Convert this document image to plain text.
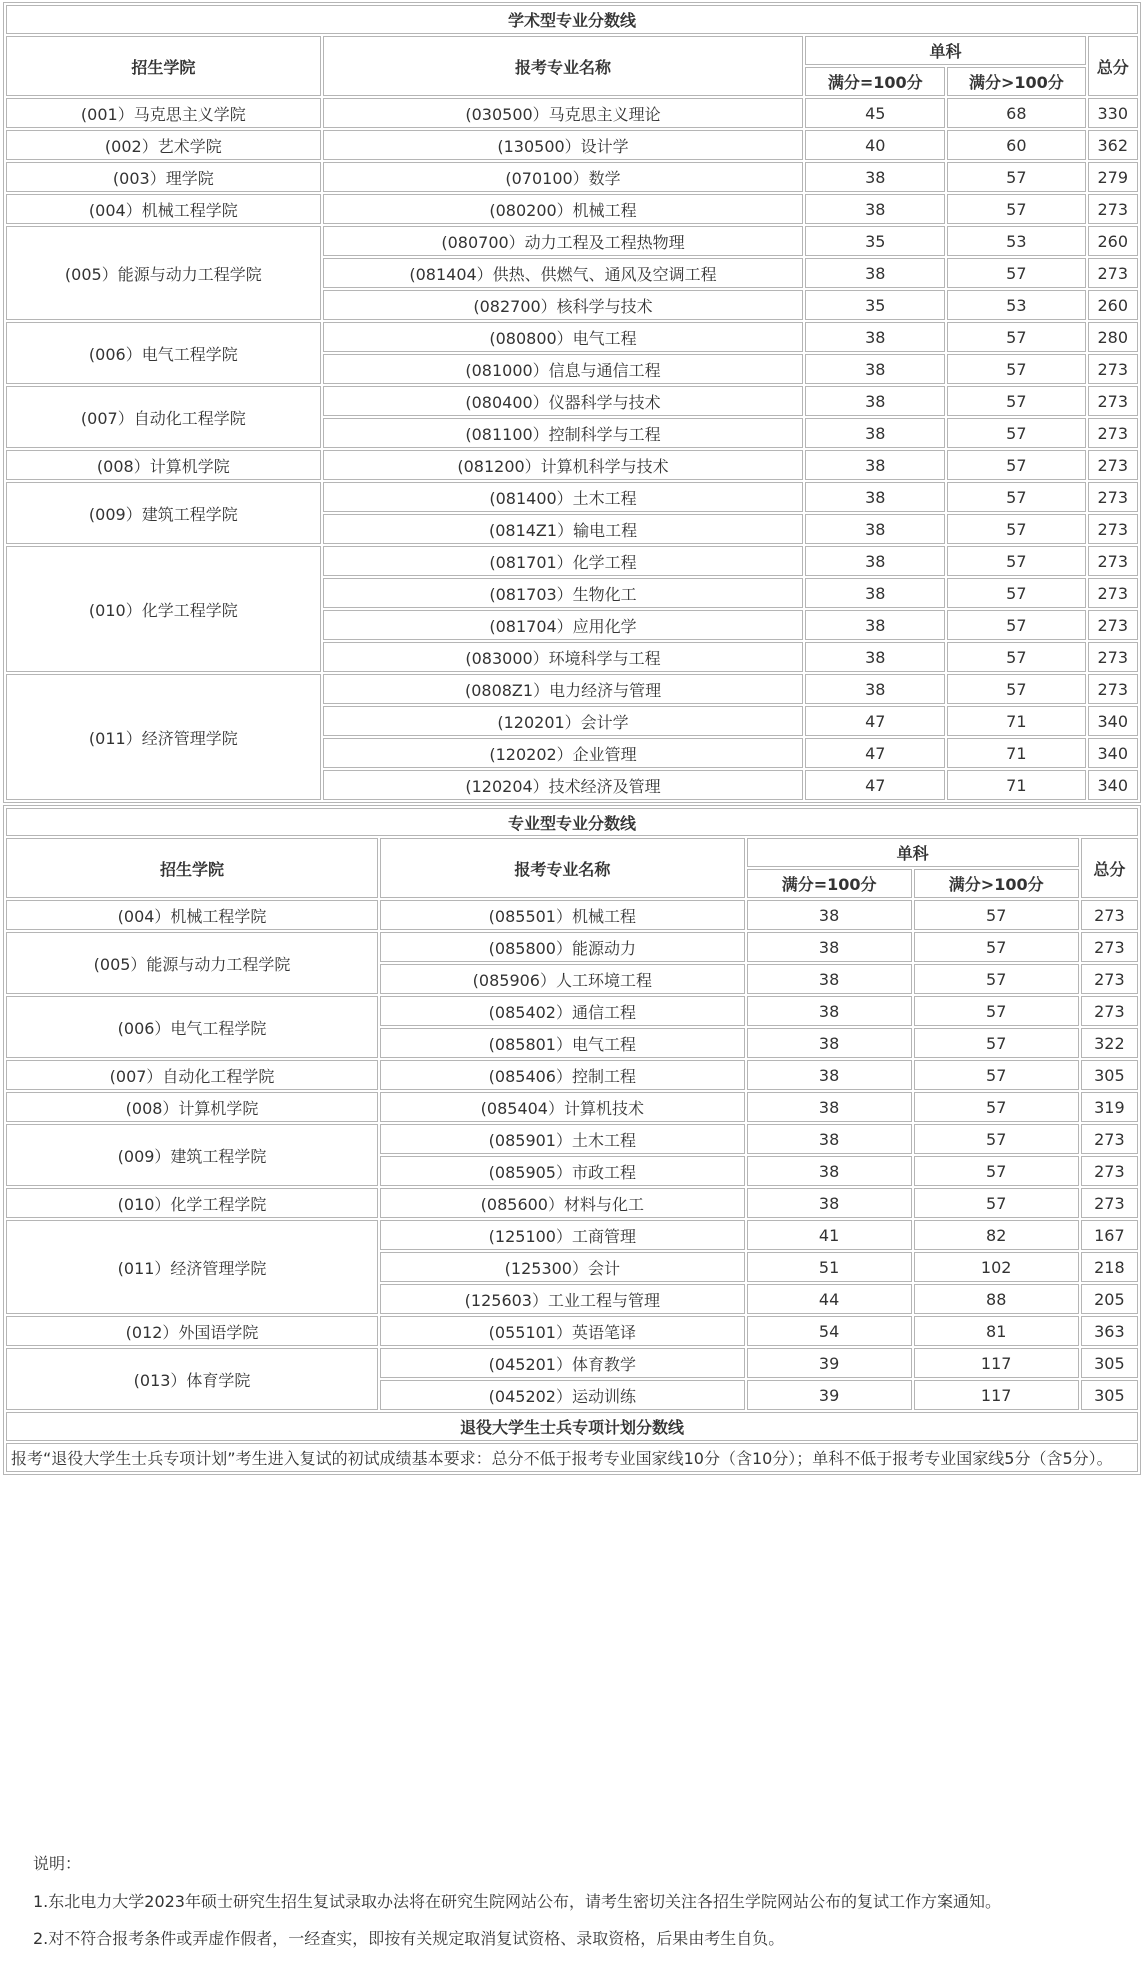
学术型专业分数线				
招生学院	报考专业名称	单科		总分
		满分=100分	满分>100分	
(001）马克思主义学院	(030500）马克思主义理论	45	68	330
(002）艺术学院	(130500）设计学	40	60	362
(003）理学院	(070100）数学	38	57	279
(004）机械工程学院	(080200）机械工程	38	57	273
(005）能源与动力工程学院	(080700）动力工程及工程热物理	35	53	260
	(081404）供热、供燃气、通风及空调工程	38	57	273
	(082700）核科学与技术	35	53	260
(006）电气工程学院	(080800）电气工程	38	57	280
	(081000）信息与通信工程	38	57	273
(007）自动化工程学院	(080400）仪器科学与技术	38	57	273
	(081100）控制科学与工程	38	57	273
(008）计算机学院	(081200）计算机科学与技术	38	57	273
(009）建筑工程学院	(081400）土木工程	38	57	273
	(0814Z1）输电工程	38	57	273
(010）化学工程学院	(081701）化学工程	38	57	273
	(081703）生物化工	38	57	273
	(081704）应用化学	38	57	273
	(083000）环境科学与工程	38	57	273
(011）经济管理学院	(0808Z1）电力经济与管理	38	57	273
	(120201）会计学	47	71	340
	(120202）企业管理	47	71	340
	(120204）技术经济及管理	47	71	340
专业型专业分数线				
招生学院	报考专业名称	单科		总分
		满分=100分	满分>100分	
(004）机械工程学院	(085501）机械工程	38	57	273
(005）能源与动力工程学院	(085800）能源动力	38	57	273
	(085906）人工环境工程	38	57	273
(006）电气工程学院	(085402）通信工程	38	57	273
	(085801）电气工程	38	57	322
(007）自动化工程学院	(085406）控制工程	38	57	305
(008）计算机学院	(085404）计算机技术	38	57	319
(009）建筑工程学院	(085901）土木工程	38	57	273
	(085905）市政工程	38	57	273
(010）化学工程学院	(085600）材料与化工	38	57	273
(011）经济管理学院	(125100）工商管理	41	82	167
	(125300）会计	51	102	218
	(125603）工业工程与管理	44	88	205
(012）外国语学院	(055101）英语笔译	54	81	363
(013）体育学院	(045201）体育教学	39	117	305
	(045202）运动训练	39	117	305
退役大学生士兵专项计划分数线				
报考“退役大学生士兵专项计划”考生进入复试的初试成绩基本要求：总分不低于报考专业国家线10分（含10分）；单科不低于报考专业国家线5分（含5分）。				
说明：
1.东北电力大学2023年硕士研究生招生复试录取办法将在研究生院网站公布，请考生密切关注各招生学院网站公布的复试工作方案通知。
2.对不符合报考条件或弄虚作假者，一经查实，即按有关规定取消复试资格、录取资格，后果由考生自负。
